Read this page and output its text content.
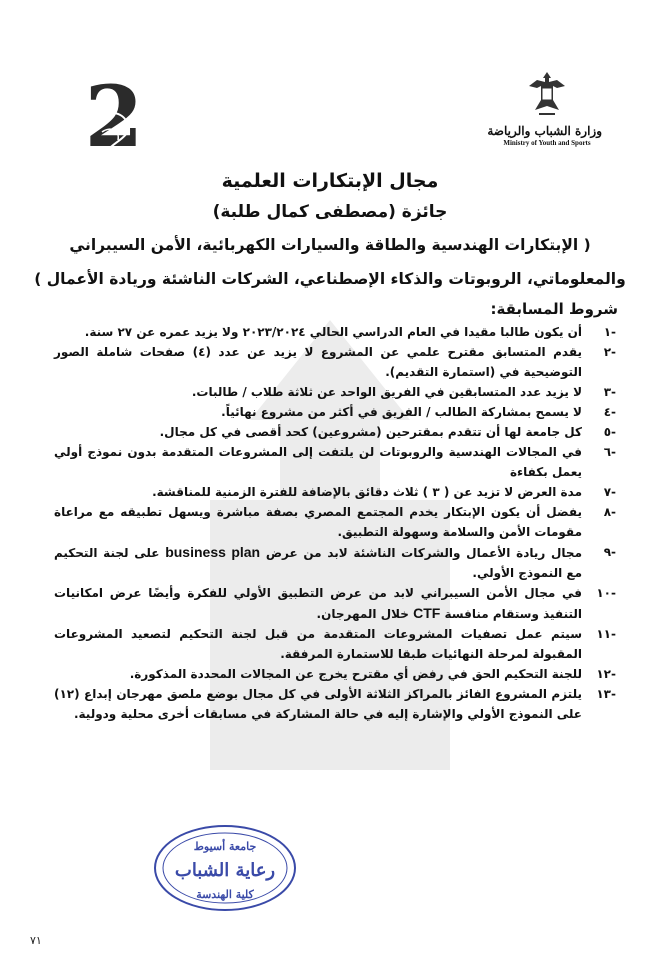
2	وزارة الشباب والرياضة
Ministry of Youth and Sports
مجال الإبتكارات العلمية
جائزة (مصطفى كمال طلبة)
( الإبتكارات الهندسية والطاقة والسيارات الكهربائية، الأمن السيبراني
والمعلوماتي، الروبوتات والذكاء الإصطناعي، الشركات الناشئة وريادة الأعمال )
شروط المسابقة:
-١
أن يكون طالبا مقيدا في العام الدراسي الحالي ٢٠٢٣/٢٠٢٤ ولا يزيد عمره عن ٢٧ سنة.
-٢
يقدم المتسابق مقترح علمي عن المشروع لا يزيد عن عدد (٤) صفحات شاملة الصور التوضيحية في (استمارة التقديم).
-٣
لا يزيد عدد المتسابقين في الفريق الواحد عن ثلاثة طلاب / طالبات.
-٤
لا يسمح بمشاركة الطالب / الفريق في أكثر من مشروع نهائياً.
-٥
كل جامعة لها أن تتقدم بمقترحين (مشروعين) كحد أقصى في كل مجال.
-٦
في المجالات الهندسية والروبوتات لن يلتفت إلى المشروعات المتقدمة بدون نموذج أولي يعمل بكفاءة
-٧
مدة العرض لا تزيد عن ( ٣ ) ثلاث دقائق بالإضافة للفترة الزمنية للمناقشة.
-٨
يفضل أن يكون الإبتكار يخدم المجتمع المصري بصفة مباشرة ويسهل تطبيقه مع مراعاة مقومات الأمن والسلامة وسهولة التطبيق.
-٩
مجال ريادة الأعمال والشركات الناشئة لابد من عرض business plan على لجنة التحكيم مع النموذج الأولي.
-١٠
في مجال الأمن السيبراني لابد من عرض التطبيق الأولي للفكرة وأيضًا عرض امكانيات التنفيذ وستقام منافسة CTF خلال المهرجان.
-١١
سيتم عمل تصفيات المشروعات المتقدمة من قبل لجنة التحكيم لتصعيد المشروعات المقبولة لمرحلة النهائيات طبقا للاستمارة المرفقة.
-١٢
للجنة التحكيم الحق في رفض أي مقترح يخرج عن المجالات المحددة المذكورة.
-١٣
يلتزم المشروع الفائز بالمراكز الثلاثة الأولى في كل مجال بوضع ملصق مهرجان إبداع (١٢) على النموذج الأولي والإشارة إليه في حالة المشاركة في مسابقات أخرى محلية ودولية.
جامعة أسيوط
رعاية الشباب
كلية الهندسة
٧١
